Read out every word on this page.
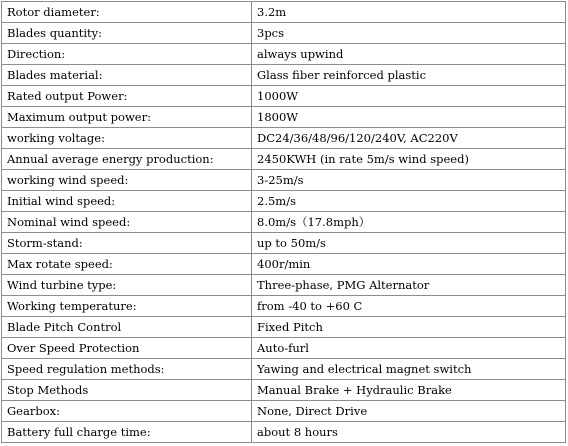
Rotor diameter:	3.2m
Blades quantity:	3pcs
Direction:	always upwind
Blades material:	Glass fiber reinforced plastic
Rated output Power:	1000W
Maximum output power:	1800W
working voltage:	DC24/36/48/96/120/240V, AC220V
Annual average energy production:	2450KWH (in rate 5m/s wind speed)
working wind speed:	3-25m/s
Initial wind speed:	2.5m/s
Nominal wind speed:	8.0m/s（17.8mph）
Storm-stand:	up to 50m/s
Max rotate speed:	400r/min
Wind turbine type:	Three-phase, PMG Alternator
Working temperature:	from -40 to +60 C
Blade Pitch Control	Fixed Pitch
Over Speed Protection	Auto-furl
Speed regulation methods:	Yawing and electrical magnet switch
Stop Methods	Manual Brake + Hydraulic Brake
Gearbox:	None, Direct Drive
Battery full charge time:	about 8 hours
